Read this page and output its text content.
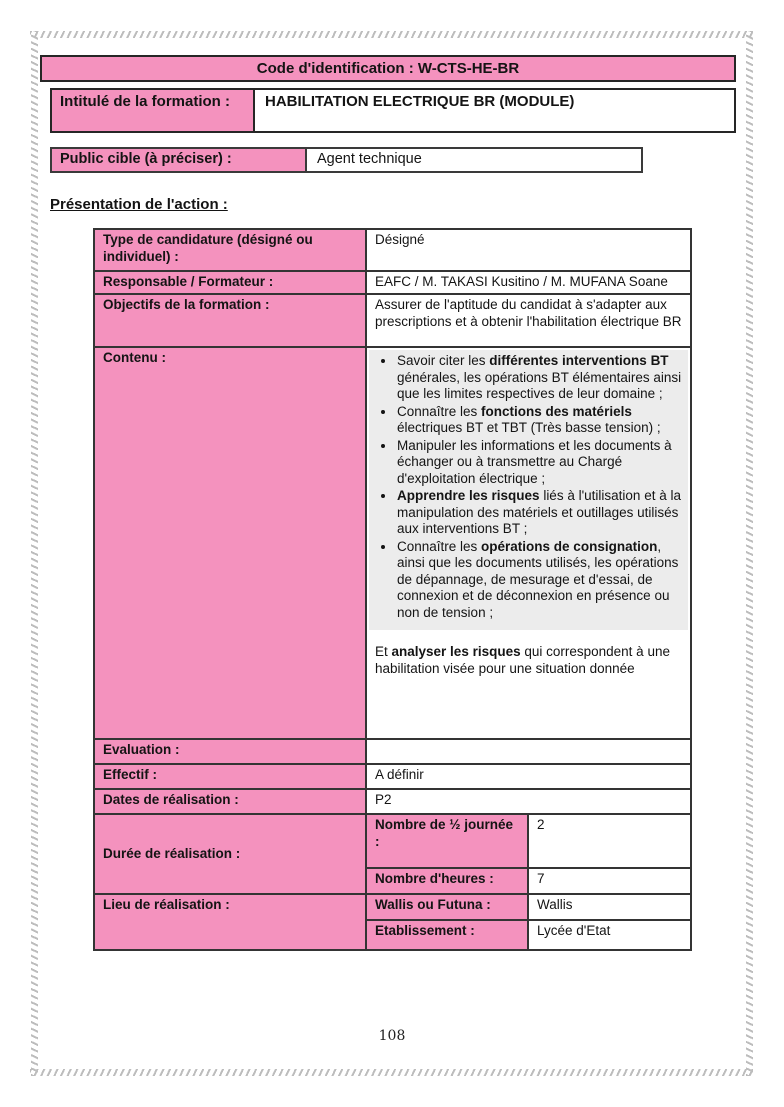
Code d'identification : W-CTS-HE-BR
Intitulé de la formation :	HABILITATION ELECTRIQUE BR (MODULE)
Public cible (à préciser) :	Agent technique
Présentation de l'action :
Type de candidature (désigné ou individuel) :	Désigné	
Responsable / Formateur :	EAFC / M. TAKASI Kusitino / M. MUFANA Soane	
Objectifs de la formation :	Assurer de l'aptitude du candidat à s'adapter aux prescriptions et à obtenir l'habilitation électrique BR	
Contenu :	
•Savoir citer les différentes interventions BT générales, les opérations BT élémentaires ainsi que les limites respectives de leur domaine ;
• Connaître les fonctions des matériels électriques BT et TBT (Très basse tension) ;
• Manipuler les informations et les documents à échanger ou à transmettre au Chargé d'exploitation électrique ;
• Apprendre les risques liés à l'utilisation et à la manipulation des matériels et outillages utilisés aux interventions BT ;
• Connaître les opérations de consignation, ainsi que les documents utilisés, les opérations de dépannage, de mesurage et d'essai, de connexion et de déconnexion en présence ou non de tension ;

Et analyser les risques qui correspondent à une habilitation visée pour une situation donnée

Evaluation :		
Effectif :	A définir	
Dates de réalisation :	P2	
Durée de réalisation :	Nombre de ½ journée :	2
	Nombre d'heures :	7
Lieu de réalisation :	Wallis ou Futuna :	Wallis
	Etablissement :	Lycée d'Etat
108
